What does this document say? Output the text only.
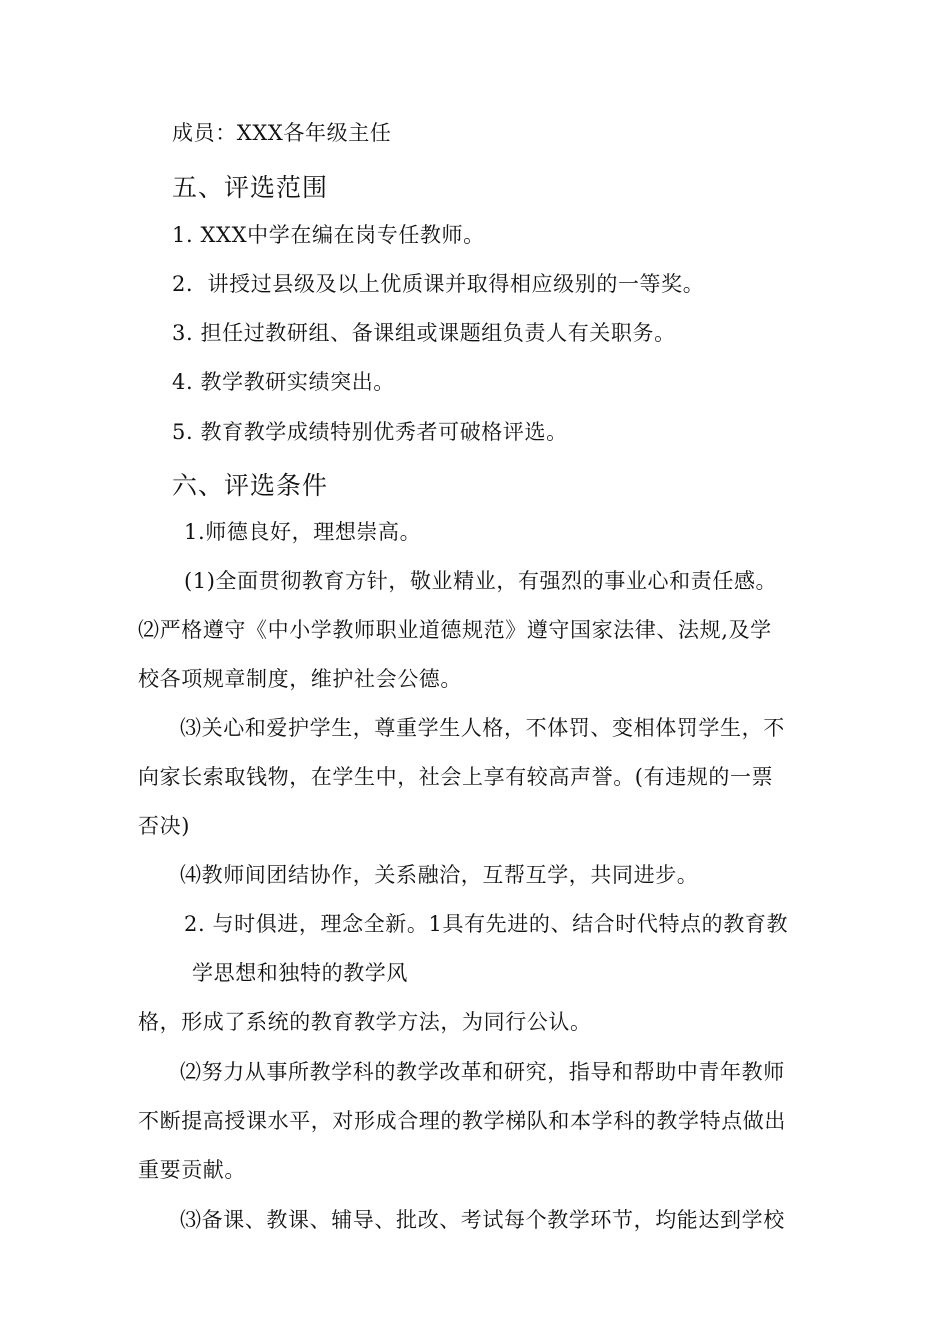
成员：XXX各年级主任
五、评选范围
1. XXX中学在编在岗专任教师。
2．讲授过县级及以上优质课并取得相应级别的一等奖。
3. 担任过教研组、备课组或课题组负责人有关职务。
4. 教学教研实绩突出。
5. 教育教学成绩特别优秀者可破格评选。
六、评选条件
1.师德良好，理想崇高。
(1)全面贯彻教育方针，敬业精业，有强烈的事业心和责任感。
⑵严格遵守《中小学教师职业道德规范》遵守国家法律、法规,及学
校各项规章制度，维护社会公德。
⑶关心和爱护学生，尊重学生人格，不体罚、变相体罚学生，不
向家长索取钱物，在学生中，社会上享有较高声誉。(有违规的一票
否决)
⑷教师间团结协作，关系融洽，互帮互学，共同进步。
2. 与时俱进，理念全新。1具有先进的、结合时代特点的教育教
学思想和独特的教学风
格，形成了系统的教育教学方法，为同行公认。
⑵努力从事所教学科的教学改革和研究，指导和帮助中青年教师
不断提高授课水平，对形成合理的教学梯队和本学科的教学特点做出
重要贡献。
⑶备课、教课、辅导、批改、考试每个教学环节，均能达到学校
